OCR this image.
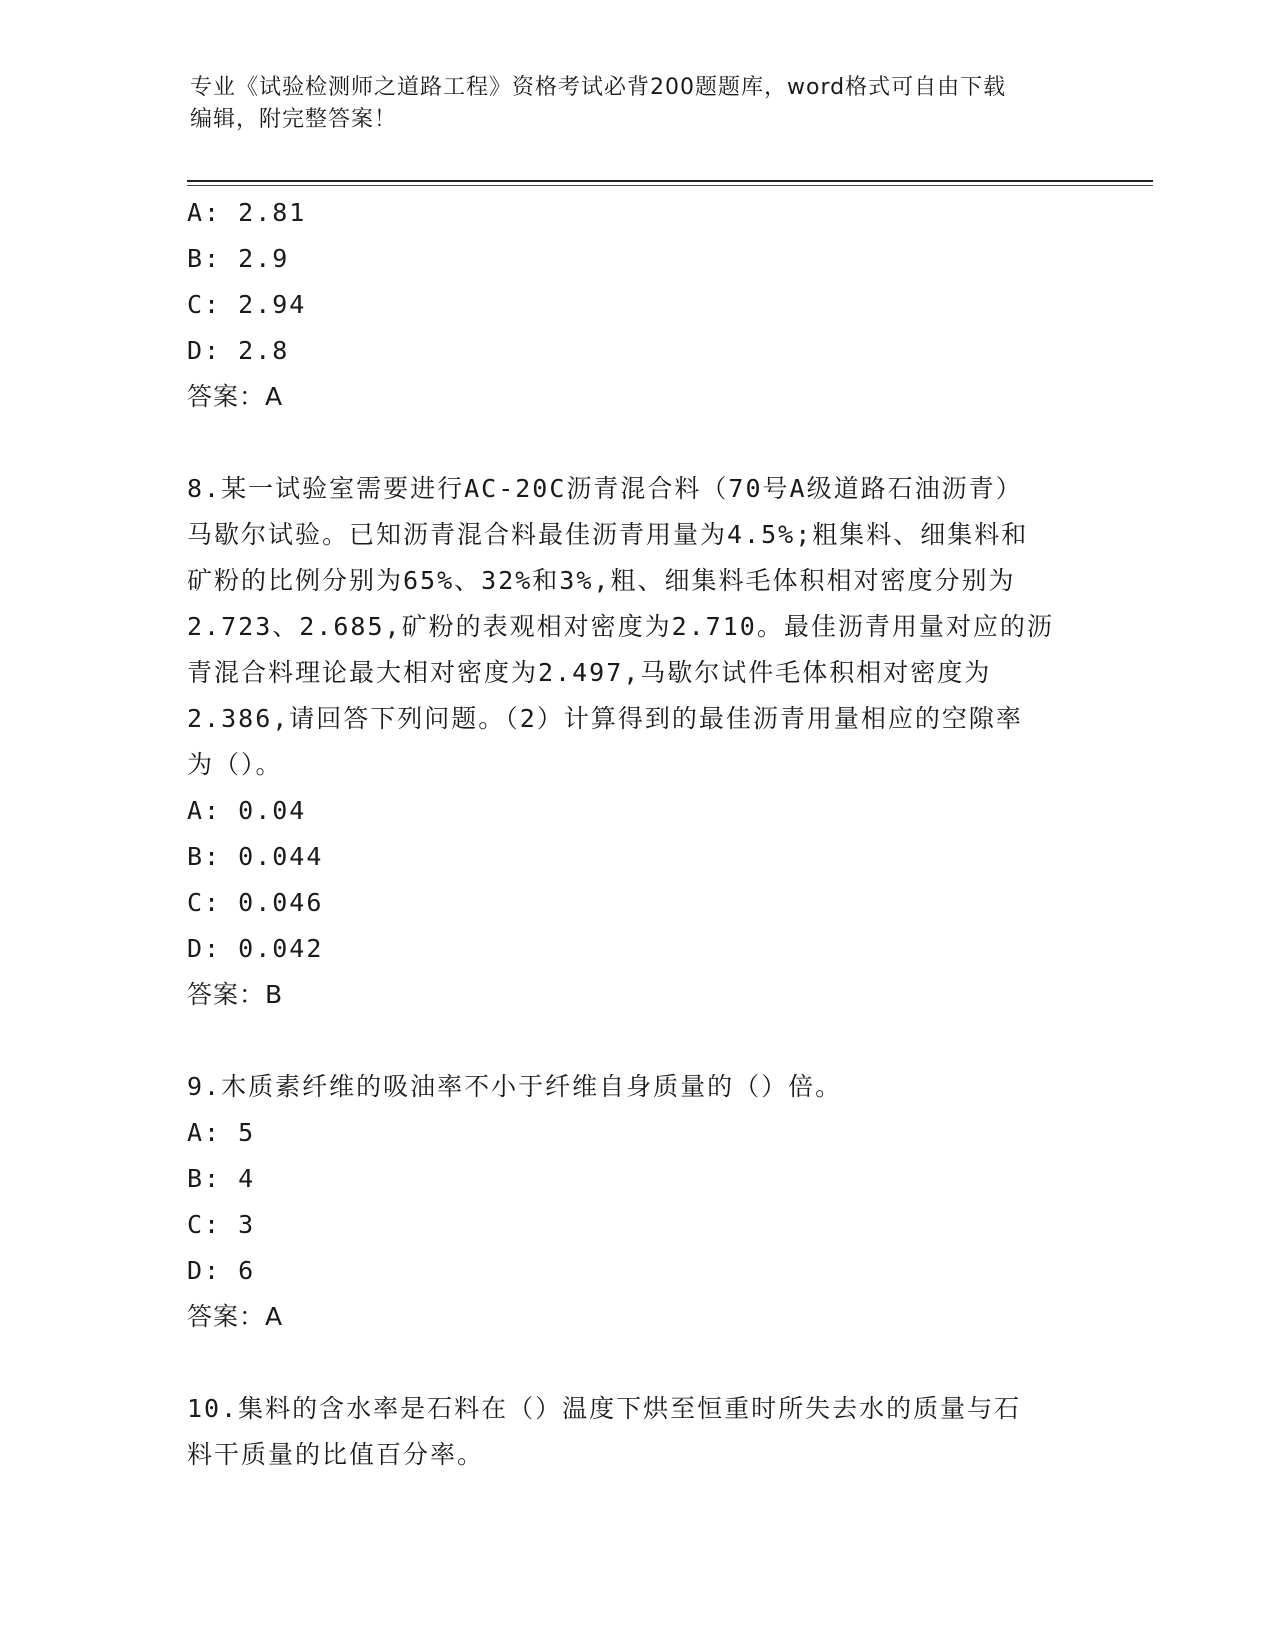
专业《试验检测师之道路工程》资格考试必背200题题库，word格式可自由下载
编辑，附完整答案！
A: 2.81
B: 2.9
C: 2.94
D: 2.8
答案：A
8.某一试验室需要进行AC-20C沥青混合料（70号A级道路石油沥青）
马歇尔试验。已知沥青混合料最佳沥青用量为4.5%;粗集料、细集料和
矿粉的比例分别为65%、32%和3%,粗、细集料毛体积相对密度分别为
2.723、2.685,矿粉的表观相对密度为2.710。最佳沥青用量对应的沥
青混合料理论最大相对密度为2.497,马歇尔试件毛体积相对密度为
2.386,请回答下列问题。（2）计算得到的最佳沥青用量相应的空隙率
为（）。
A: 0.04
B: 0.044
C: 0.046
D: 0.042
答案：B
9.木质素纤维的吸油率不小于纤维自身质量的（）倍。
A: 5
B: 4
C: 3
D: 6
答案：A
10.集料的含水率是石料在（）温度下烘至恒重时所失去水的质量与石
料干质量的比值百分率。
